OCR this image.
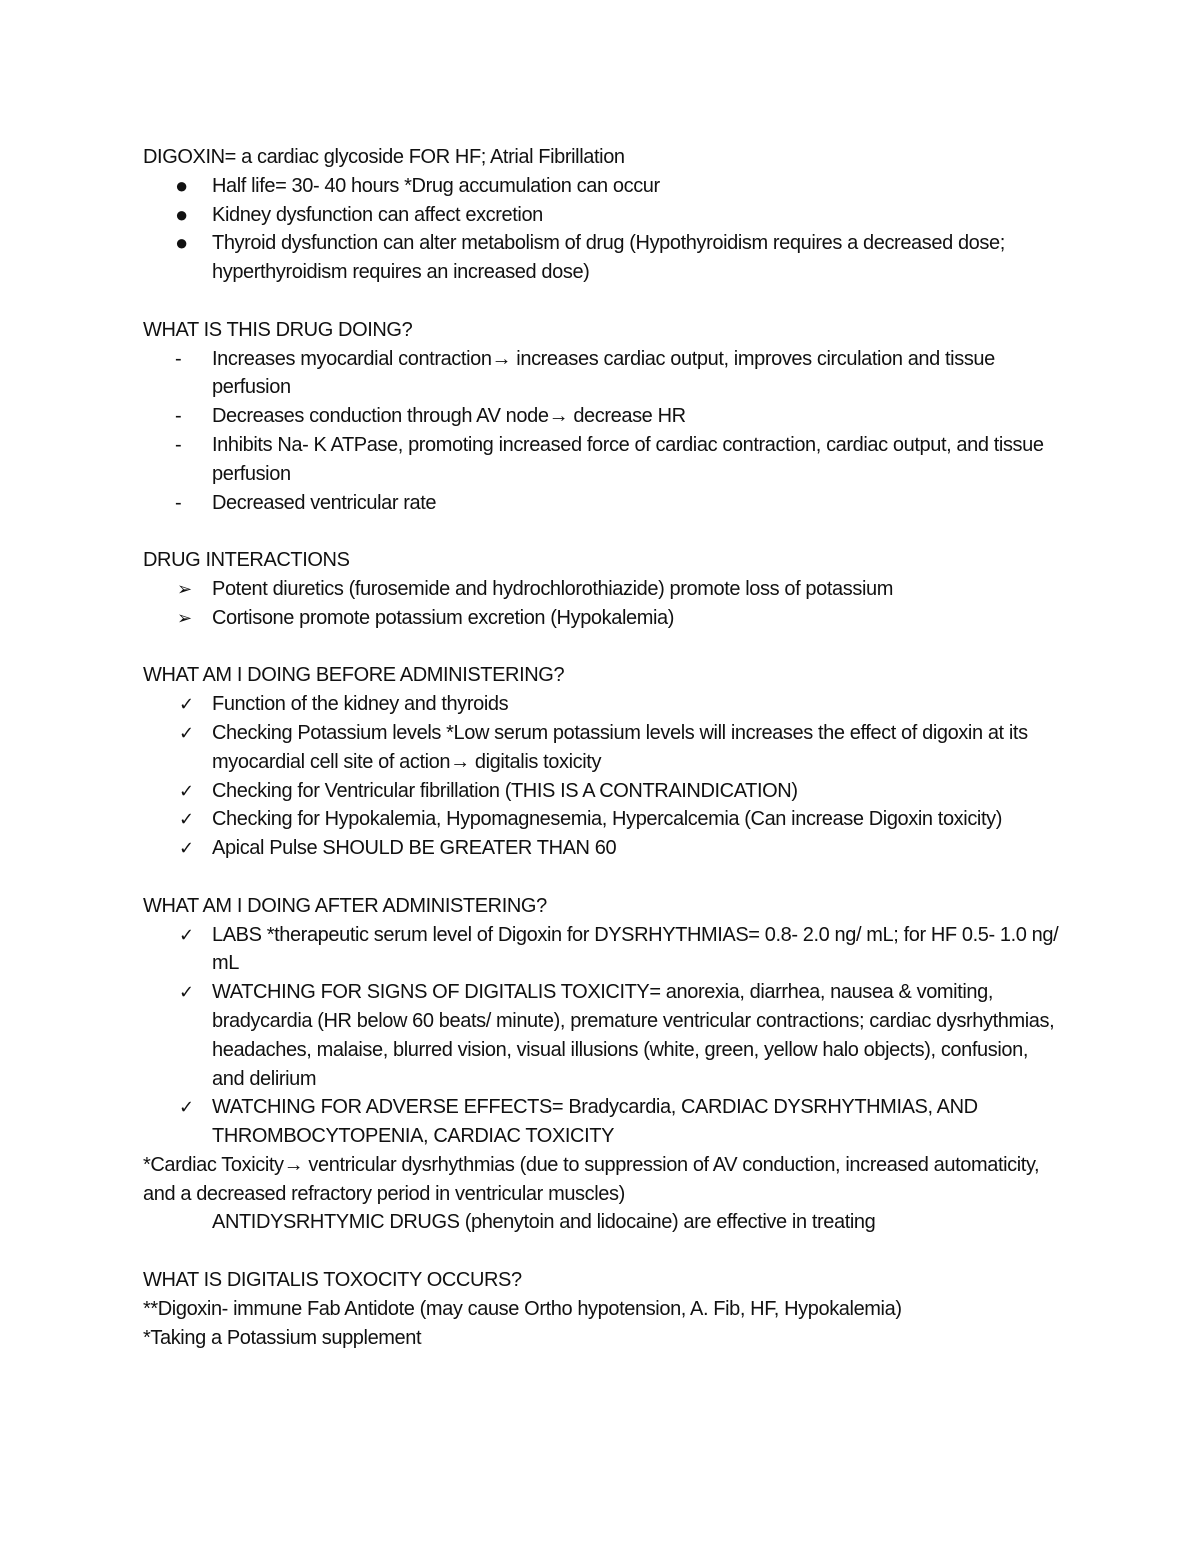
DIGOXIN= a cardiac glycoside FOR HF; Atrial Fibrillation

●	Half life= 30- 40 hours *Drug accumulation can occur
●	Kidney dysfunction can affect excretion
●	Thyroid dysfunction can alter metabolism of drug (Hypothyroidism requires a decreased dose; hyperthyroidism requires an increased dose)

WHAT IS THIS DRUG DOING?

-	Increases myocardial contraction→ increases cardiac output, improves circulation and tissue perfusion
-	Decreases conduction through AV node→ decrease HR
-	Inhibits Na- K ATPase, promoting increased force of cardiac contraction, cardiac output, and tissue perfusion
-	Decreased ventricular rate

DRUG INTERACTIONS

➢	Potent diuretics (furosemide and hydrochlorothiazide) promote loss of potassium
➢	Cortisone promote potassium excretion (Hypokalemia)

WHAT AM I DOING BEFORE ADMINISTERING?

✓ Function of the kidney and thyroids
✓ Checking Potassium levels *Low serum potassium levels will increases the effect of digoxin at its myocardial cell site of action→ digitalis toxicity
✓ Checking for Ventricular fibrillation (THIS IS A CONTRAINDICATION)
✓ Checking for Hypokalemia, Hypomagnesemia, Hypercalcemia (Can increase Digoxin toxicity)
✓ Apical Pulse SHOULD BE GREATER THAN 60

WHAT AM I DOING AFTER ADMINISTERING?

✓ LABS *therapeutic serum level of Digoxin for DYSRHYTHMIAS= 0.8- 2.0 ng/ mL; for HF 0.5- 1.0 ng/ mL
✓ WATCHING FOR SIGNS OF DIGITALIS TOXICITY= anorexia, diarrhea, nausea & vomiting, bradycardia (HR below 60 beats/ minute), premature ventricular contractions; cardiac dysrhythmias, headaches, malaise, blurred vision, visual illusions (white, green, yellow halo objects), confusion, and delirium
✓ WATCHING FOR ADVERSE EFFECTS= Bradycardia, CARDIAC DYSRHYTHMIAS, AND THROMBOCYTOPENIA, CARDIAC TOXICITY

*Cardiac Toxicity→ ventricular dysrhythmias (due to suppression of AV conduction, increased automaticity, and a decreased refractory period in ventricular muscles)

ANTIDYSRHTYMIC DRUGS (phenytoin and lidocaine) are effective in treating

WHAT IS DIGITALIS TOXOCITY OCCURS?

**Digoxin- immune Fab Antidote (may cause Ortho hypotension, A. Fib, HF, Hypokalemia)

*Taking a Potassium supplement
